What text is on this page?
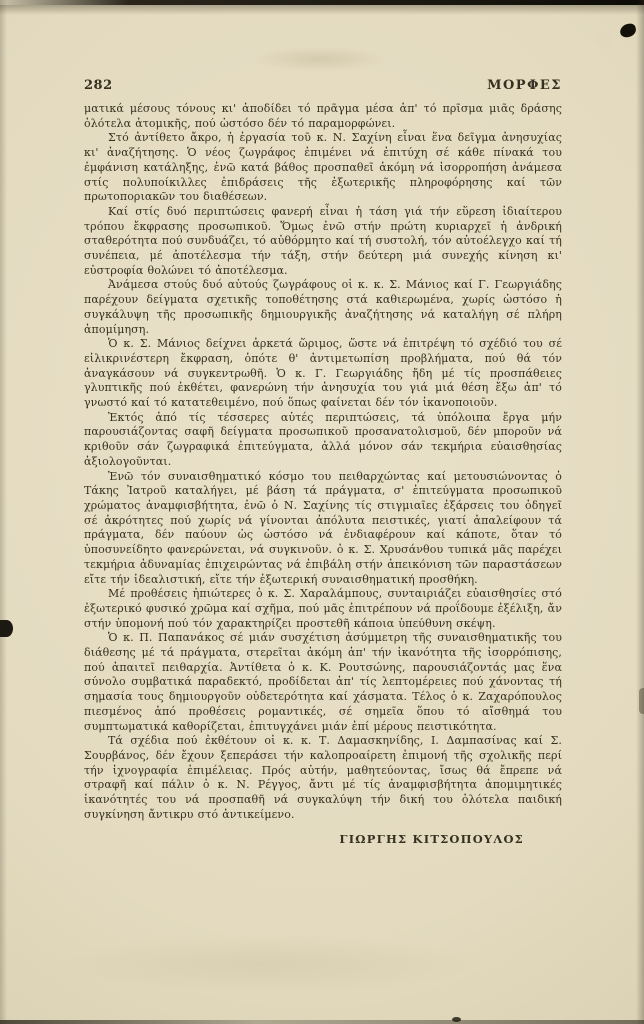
282	ΜΟΡΦΕΣ

ματικά μέσους τόνους κι' ἀποδίδει τό πρᾶγμα μέσα ἀπ' τό πρῖσμα μιᾶς δράσης ὁλότελα ἀτομικῆς, πού ὡστόσο δέν τό παραμορφώνει.

Στό ἀντίθετο ἄκρο, ἡ ἐργασία τοῦ κ. Ν. Σαχίνη εἶναι ἕνα δεῖγμα ἀνησυχίας κι' ἀναζήτησης. Ὁ νέος ζωγράφος ἐπιμένει νά ἐπιτύχη σέ κάθε πίνακά του ἐμφάνιση κατάληξης, ἐνῶ κατά βάθος προσπαθεῖ ἀκόμη νά ἰσορροπήση ἀνάμεσα στίς πολυποίκιλλες ἐπιδράσεις τῆς ἐξωτερικῆς πληροφόρησης καί τῶν πρωτοποριακῶν του διαθέσεων.

Καί στίς δυό περιπτώσεις φανερή εἶναι ἡ τάση γιά τήν εὕρεση ἰδιαίτερου τρόπου ἔκφρασης προσωπικοῦ. Ὅμως ἐνῶ στήν πρώτη κυριαρχεῖ ἡ ἀνδρική σταθερότητα πού συνδυάζει, τό αὐθόρμητο καί τή συστολή, τόν αὐτοέλεγχο καί τή συνέπεια, μέ ἀποτέλεσμα τήν τάξη, στήν δεύτερη μιά συνεχής κίνηση κι' εὐστροφία θολώνει τό ἀποτέλεσμα.

Ἀνάμεσα στούς δυό αὐτούς ζωγράφους οἱ κ. κ. Σ. Μάνιος καί Γ. Γεωργιάδης παρέχουν δείγματα σχετικῆς τοποθέτησης στά καθιερωμένα, χωρίς ὡστόσο ἡ συγκάλυψη τῆς προσωπικῆς δημιουργικῆς ἀναζήτησης νά καταλήγη σέ πλήρη ἀπομίμηση.

Ὁ κ. Σ. Μάνιος δείχνει ἀρκετά ὥριμος, ὥστε νά ἐπιτρέψη τό σχέδιό του σέ εἰλικρινέστερη ἔκφραση, ὁπότε θ' ἀντιμετωπίση προβλήματα, πού θά τόν ἀναγκάσουν νά συγκεντρωθῆ. Ὁ κ. Γ. Γεωργιάδης ἤδη μέ τίς προσπάθειες γλυπτικῆς πού ἐκθέτει, φανερώνη τήν ἀνησυχία του γιά μιά θέση ἔξω ἀπ' τό γνωστό καί τό κατατεθειμένο, πού ὅπως φαίνεται δέν τόν ἱκανοποιοῦν.

Ἐκτός ἀπό τίς τέσσερες αὐτές περιπτώσεις, τά ὑπόλοιπα ἔργα μήν παρουσιάζοντας σαφῆ δείγματα προσωπικοῦ προσανατολισμοῦ, δέν μποροῦν νά κριθοῦν σάν ζωγραφικά ἐπιτεύγματα, ἀλλά μόνον σάν τεκμήρια εὐαισθησίας ἀξιολογοῦνται.

Ἐνῶ τόν συναισθηματικό κόσμο του πειθαρχώντας καί μετουσιώνοντας ὁ Τάκης Ἰατροῦ καταλήγει, μέ βάση τά πράγματα, σ' ἐπιτεύγματα προσωπικοῦ χρώματος ἀναμφισβήτητα, ἐνῶ ὁ Ν. Σαχίνης τίς στιγμιαῖες ἐξάρσεις του ὁδηγεῖ σέ ἀκρότητες πού χωρίς νά γίνονται ἀπόλυτα πειστικές, γιατί ἀπαλείφουν τά πράγματα, δέν παύουν ὡς ὡστόσο νά ἐνδιαφέρουν καί κάποτε, ὅταν τό ὑποσυνείδητο φανερώνεται, νά συγκινοῦν. ὁ κ. Σ. Χρυσάνθου τυπικά μᾶς παρέχει τεκμήρια ἀδυναμίας ἐπιχειρώντας νά ἐπιβάλη στήν ἀπεικόνιση τῶν παραστάσεων εἴτε τήν ἰδεαλιστική, εἴτε τήν ἐξωτερική συναισθηματική προσθήκη.

Μέ προθέσεις ἠπιώτερες ὁ κ. Σ. Χαραλάμπους, συνταιριάζει εὐαισθησίες στό ἐξωτερικό φυσικό χρῶμα καί σχῆμα, πού μᾶς ἐπιτρέπουν νά προΐδουμε ἐξέλιξη, ἄν στήν ὑπομονή πού τόν χαρακτηρίζει προστεθῆ κάποια ὑπεύθυνη σκέψη.

Ὁ κ. Π. Παπανάκος σέ μιάν συσχέτιση ἀσύμμετρη τῆς συναισθηματικῆς του διάθεσης μέ τά πράγματα, στερεῖται ἀκόμη ἀπ' τήν ἱκανότητα τῆς ἰσορρόπισης, πού ἀπαιτεῖ πειθαρχία. Ἀντίθετα ὁ κ. Κ. Ρουτσώνης, παρουσιάζοντάς μας ἕνα σύνολο συμβατικά παραδεκτό, προδίδεται ἀπ' τίς λεπτομέρειες πού χάνοντας τή σημασία τους δημιουργοῦν οὐδετερότητα καί χάσματα. Τέλος ὁ κ. Ζαχαρόπουλος πιεσμένος ἀπό προθέσεις ρομαντικές, σέ σημεῖα ὅπου τό αἴσθημά του συμπτωματικά καθορίζεται, ἐπιτυγχάνει μιάν ἐπί μέρους πειστικότητα.

Τά σχέδια πού ἐκθέτουν οἱ κ. κ. Τ. Δαμασκηνίδης, Ι. Δαμπασίνας καί Σ. Σουρβάνος, δέν ἔχουν ξεπεράσει τήν καλοπροαίρετη ἐπιμονή τῆς σχολικῆς περί τήν ἰχνογραφία ἐπιμέλειας. Πρός αὐτήν, μαθητεύοντας, ἴσως θά ἔπρεπε νά στραφῆ καί πάλιν ὁ κ. Ν. Ρέγγος, ἄντι μέ τίς ἀναμφισβήτητα ἀπομιμητικές ἱκανότητές του νά προσπαθῆ νά συγκαλύψη τήν δική του ὁλότελα παιδική συγκίνηση ἄντικρυ στό ἀντικείμενο.

ΓΙΩΡΓΗΣ ΚΙΤΣΟΠΟΥΛΟΣ
